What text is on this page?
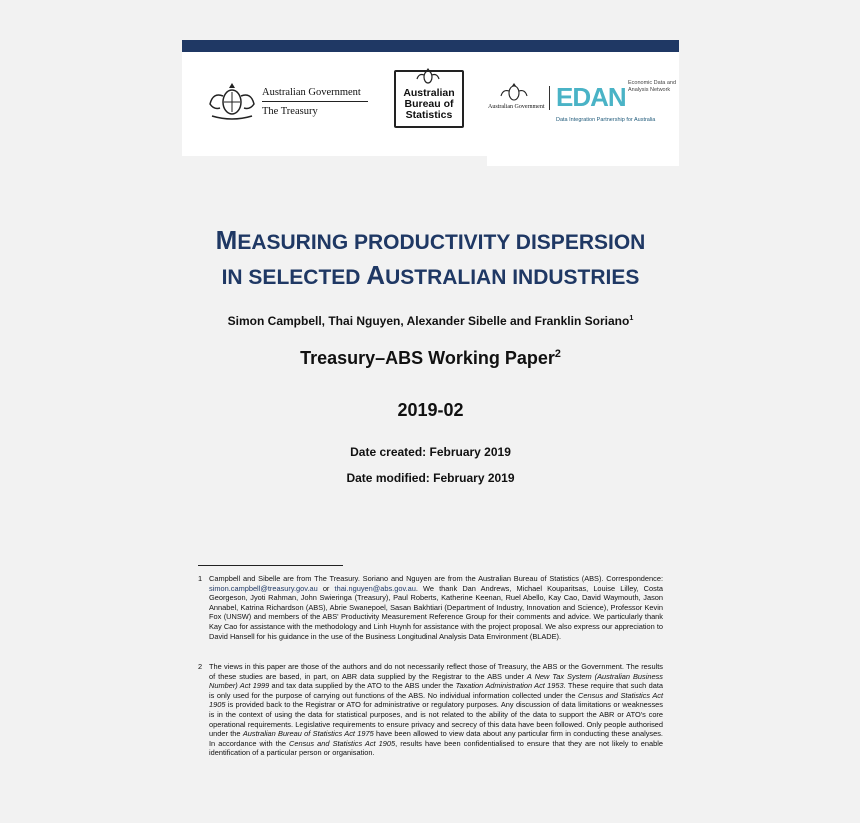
Australian Government
The Treasury
Australian
Bureau of
Statistics
Australian Government EDAN Economic Data and Analysis Network
Data Integration Partnership for Australia
MEASURING PRODUCTIVITY DISPERSION
IN SELECTED AUSTRALIAN INDUSTRIES
Simon Campbell, Thai Nguyen, Alexander Sibelle and Franklin Soriano$^1$
Treasury–ABS Working Paper$^2$
2019-02
Date created: February 2019
Date modified: February 2019
1 Campbell and Sibelle are from The Treasury. Soriano and Nguyen are from the Australian Bureau of Statistics (ABS). Correspondence: simon.campbell@treasury.gov.au or thai.nguyen@abs.gov.au. We thank Dan Andrews, Michael Kouparitsas, Louise Lilley, Costa Georgeson, Jyoti Rahman, John Swieringa (Treasury), Paul Roberts, Katherine Keenan, Ruel Abello, Kay Cao, David Waymouth, Jason Annabel, Katrina Richardson (ABS), Abrie Swanepoel, Sasan Bakhtiari (Department of Industry, Innovation and Science), Professor Kevin Fox (UNSW) and members of the ABS' Productivity Measurement Reference Group for their comments and advice. We particularly thank Kay Cao for assistance with the methodology and Linh Huynh for assistance with the project proposal. We also express our appreciation to David Hansell for his guidance in the use of the Business Longitudinal Analysis Data Environment (BLADE).
2 The views in this paper are those of the authors and do not necessarily reflect those of Treasury, the ABS or the Government. The results of these studies are based, in part, on ABR data supplied by the Registrar to the ABS under A New Tax System (Australian Business Number) Act 1999 and tax data supplied by the ATO to the ABS under the Taxation Administration Act 1953. These require that such data is only used for the purpose of carrying out functions of the ABS. No individual information collected under the Census and Statistics Act 1905 is provided back to the Registrar or ATO for administrative or regulatory purposes. Any discussion of data limitations or weaknesses is in the context of using the data for statistical purposes, and is not related to the ability of the data to support the ABR or ATO's core operational requirements. Legislative requirements to ensure privacy and secrecy of this data have been followed. Only people authorised under the Australian Bureau of Statistics Act 1975 have been allowed to view data about any particular firm in conducting these analyses. In accordance with the Census and Statistics Act 1905, results have been confidentialised to ensure that they are not likely to enable identification of a particular person or organisation.
